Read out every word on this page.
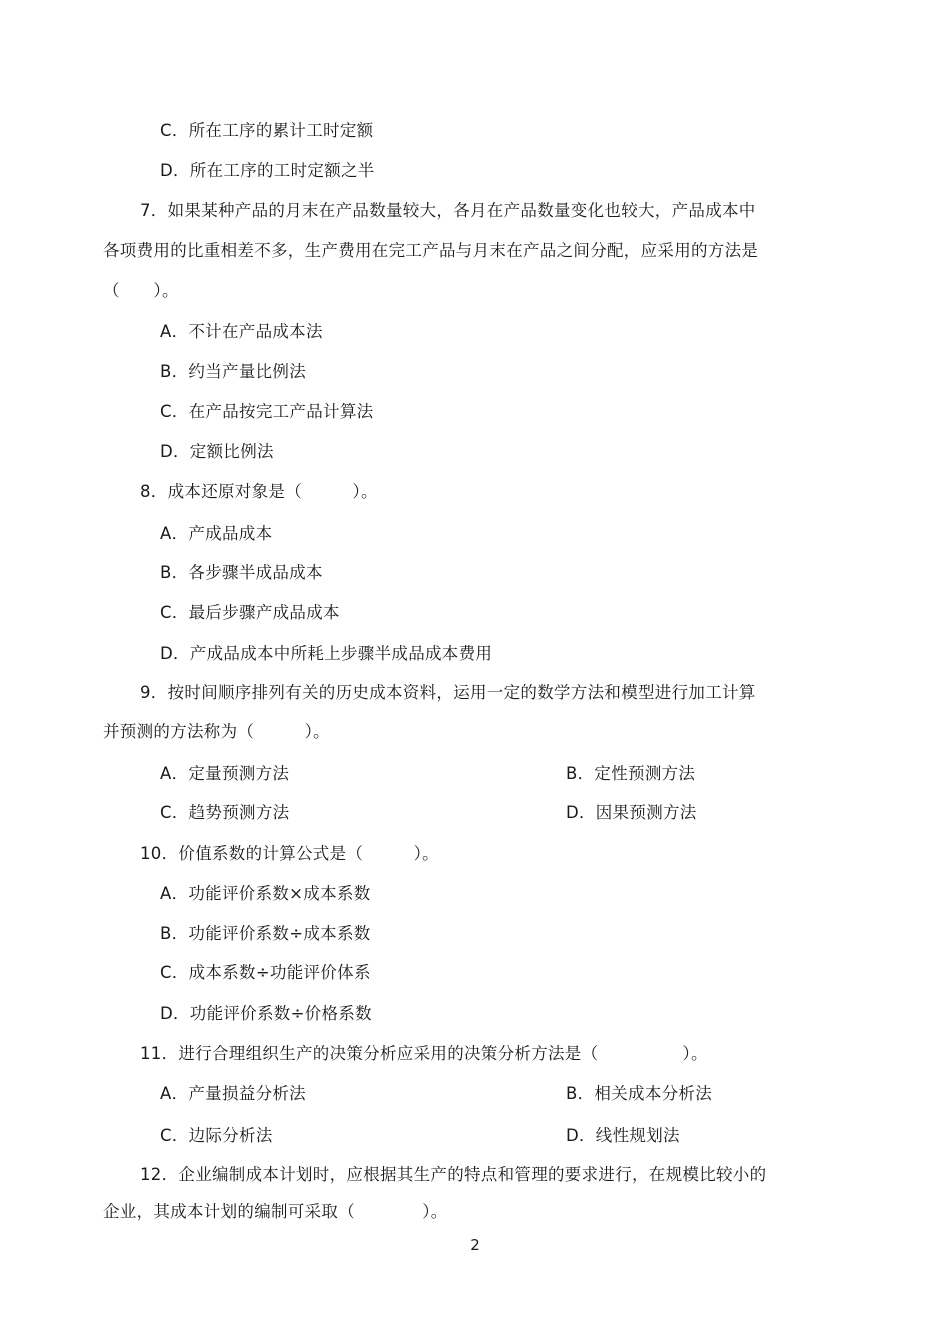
C．所在工序的累计工时定额
D．所在工序的工时定额之半
7．如果某种产品的月末在产品数量较大，各月在产品数量变化也较大，产品成本中
各项费用的比重相差不多，生产费用在完工产品与月末在产品之间分配，应采用的方法是
（　　）。
A．不计在产品成本法
B．约当产量比例法
C．在产品按完工产品计算法
D．定额比例法
8．成本还原对象是（　　　）。
A．产成品成本
B．各步骤半成品成本
C．最后步骤产成品成本
D．产成品成本中所耗上步骤半成品成本费用
9．按时间顺序排列有关的历史成本资料，运用一定的数学方法和模型进行加工计算
并预测的方法称为（　　　）。
A．定量预测方法	B．定性预测方法
C．趋势预测方法	D．因果预测方法
10．价值系数的计算公式是（　　　）。
A．功能评价系数×成本系数
B．功能评价系数÷成本系数
C．成本系数÷功能评价体系
D．功能评价系数÷价格系数
11．进行合理组织生产的决策分析应采用的决策分析方法是（　　　　　）。
A．产量损益分析法	B．相关成本分析法
C．边际分析法	D．线性规划法
12．企业编制成本计划时，应根据其生产的特点和管理的要求进行，在规模比较小的
企业，其成本计划的编制可采取（　　　　）。
2
